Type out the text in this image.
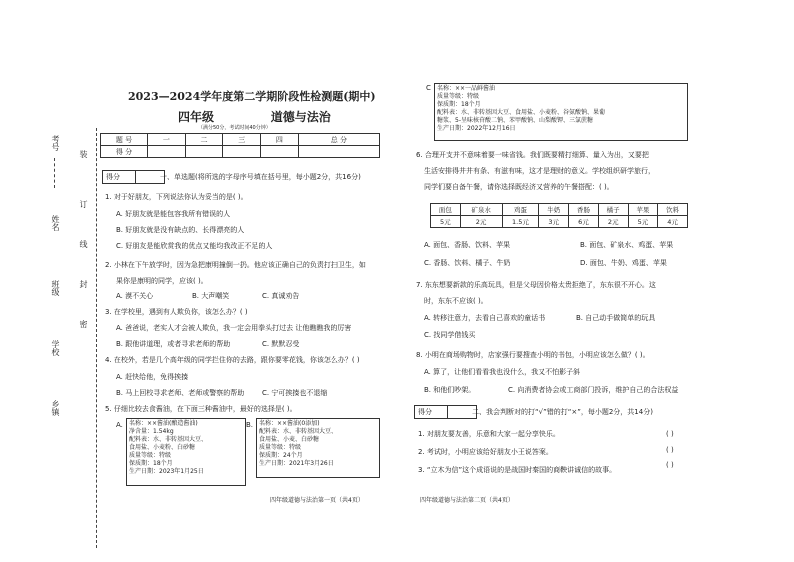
考号
姓名
班级
学校
乡镇
装
订
线
封
密
2023—2024学年度第二学期阶段性检测题(期中)
四年级	道德与法治
（满分50分，考试时间40分钟）
题 号	一	二	三	四	总 分
得 分					
得分		一、单选题(将所选的字母序号填在括号里，每小题2分，共16分)
1. 对于好朋友，下列说法你认为妥当的是( )。
A. 好朋友就是能包容我所有错误的人
B. 好朋友就是没有缺点的、长得漂亮的人
C. 好朋友是能欣赏我的优点又能均我改正不足的人
2. 小林在下午放学时，因为急把康明撞倒一扔。他应该正确自己的负责打扫卫生，如
果你是康明的同学，应该( )。
A. 漠不关心	B. 大声嘲笑	C. 真诚劝告
3. 在学校里，遇到有人欺负你，该怎么办？( )
A. 爸爸说，老实人才会被人欺负，我一定会用拳头打过去 让他瞧瞧我的厉害
B. 跟他讲道理，或者寻求老师的帮助	C. 默默忍受
4. 在校外，若是几个高年级的同学拦住你的去路，跟你要零花钱，你该怎么办？( )
A. 赶快给他，免得挨揍
B. 马上回校寻求老师、老师或警察的帮助	C. 宁可挨揍也不退缩
5. 仔细比较去食酱油，在下面三种酱油中，最好的选择是( )。
A. 名称：××酱油(酿造酱油)
净含量：1.54kg
配料表：水、非转基因大豆、
食用盐、小麦粉、白砂糖
质量等级：特级
保质期：18个月
生产日期：2023年1月25日
B. 名称：××酱油(0添加)
配料表：水、非转基因大豆、
食用盐、小麦、白砂糖
质量等级：特级
保质期：24个月
生产日期：2021年3月26日
四年级道德与法治第一页（共4页）
C 名称：××一品鲜酱油
质量等级：特级
保质期：18个月
配料表：水、非转基因大豆、食用盐、小麦粉、谷氨酸钠、果葡
糖浆、5-呈味核苷酸二钠、苯甲酸钠、山梨酸钾、三氯蔗糖
生产日期：2022年12月16日
6. 合理开支并不意味着要一味省钱。我们既要精打细算、量入为出，又要把
生活安排得井井有条、有滋有味，这才是理财的意义。学校组织研学旅行，
同学们要自备午餐，请你选择既经济又营养的午餐搭配：( )。
面包	矿泉水	鸡蛋	牛奶	香肠	橘子	苹果	饮料
5元	2元	1.5元	3元	6元	2元	5元	4元
A. 面包、香肠、饮料、苹果	B. 面包、矿泉水、鸡蛋、苹果
C. 香肠、饮料、橘子、牛奶	D. 面包、牛奶、鸡蛋、苹果
7. 东东想要新款的乐高玩具，但是父母因价格太贵拒绝了，东东很不开心。这
时，东东不应该( )。
A. 转移注意力，去看自己喜欢的童话书	B. 自己动手做简单的玩具
C. 找同学借钱买
8. 小明在商场购物时，店家强行要搜查小明的书包，小明应该怎么做？( )。
A. 算了，让他们看看我也没什么，我又不怕影子斜
B. 和他们吵架。	C. 向消费者协会或工商部门投诉，维护自己的合法权益
得分		二、我会判断对的打“√”错的打“×”，每小题2分，共14分)
1. 对朋友要友善，乐意和大家一起分享快乐。	( )
2. 考试时，小明应该给好朋友小王说答案。	( )
3. “立木为信”这个成语说的是战国时秦国的商鞅讲诚信的故事。
( )
四年级道德与法治第二页（共4页）
